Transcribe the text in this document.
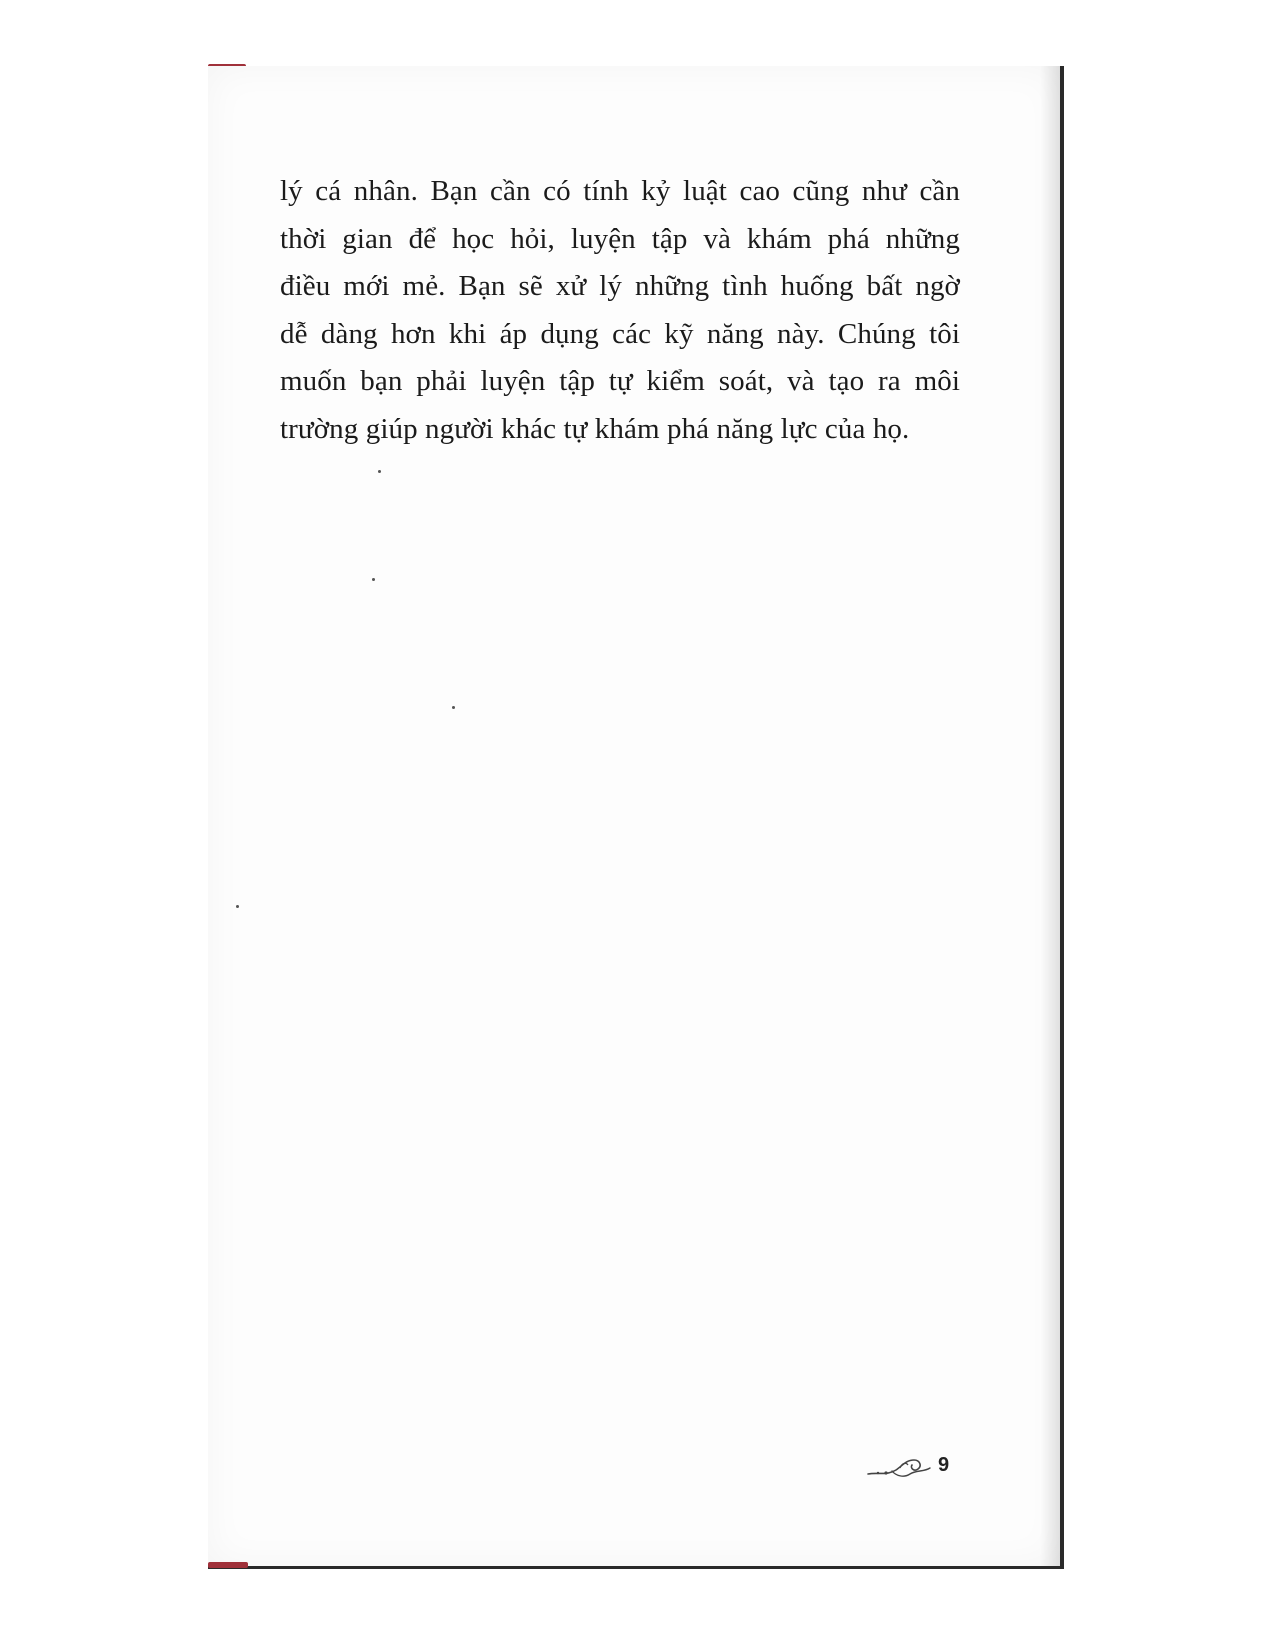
lý cá nhân. Bạn cần có tính kỷ luật cao cũng như cần
thời gian để học hỏi, luyện tập và khám phá những
điều mới mẻ. Bạn sẽ xử lý những tình huống bất ngờ
dễ dàng hơn khi áp dụng các kỹ năng này. Chúng tôi
muốn bạn phải luyện tập tự kiểm soát, và tạo ra môi
trường giúp người khác tự khám phá năng lực của họ.
9
